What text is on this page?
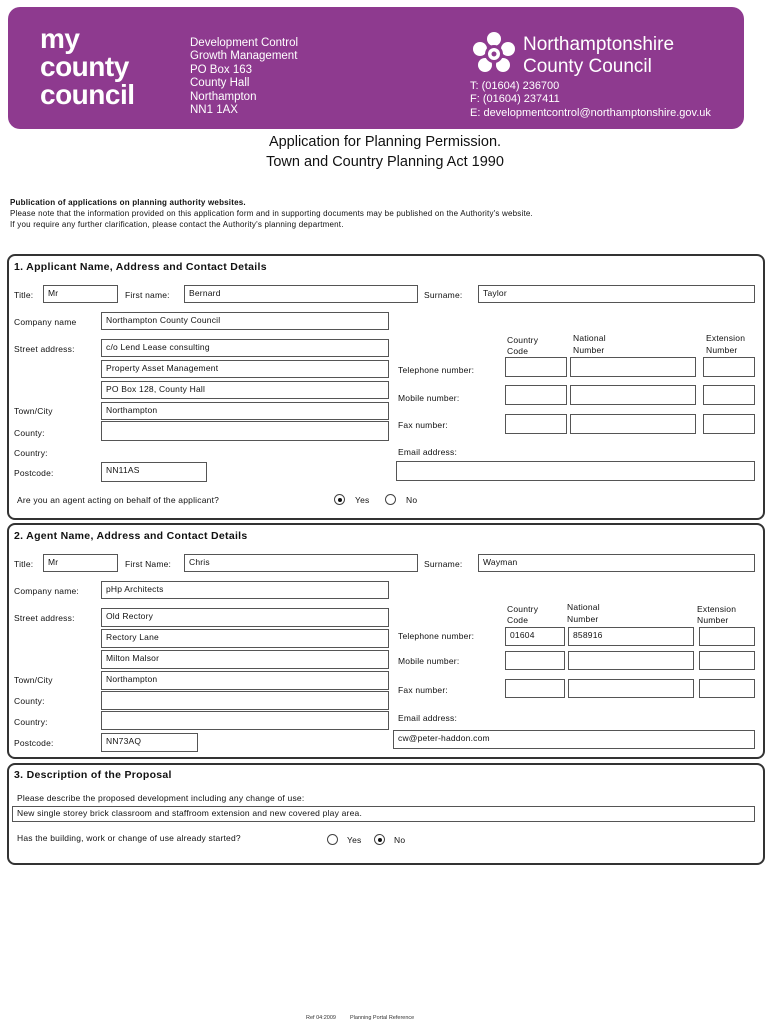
my
county
council
Development Control
Growth Management
PO Box 163
County Hall
Northampton
NN1 1AX
Northamptonshire
County Council
T: (01604) 236700
F: (01604) 237411
E: developmentcontrol@northamptonshire.gov.uk
Application for Planning Permission.
Town and Country Planning Act 1990
Publication of applications on planning authority websites.
Please note that the information provided on this application form and in supporting documents may be published on the Authority's website.
If you require any further clarification, please contact the Authority's planning department.
1. Applicant Name, Address and Contact Details
Title:	Mr	First name:	Bernard	Surname:	Taylor
Company name	Northampton County Council
Street address:	c/o Lend Lease consulting
Property Asset Management
PO Box 128, County Hall
Town/City	Northampton
County:
Country:
Postcode:	NN11AS
Country
Code
National
Number
Extension
Number
Telephone number:
Mobile number:
Fax number:
Email address:
Are you an agent acting on behalf of the applicant?	Yes	No
2. Agent Name, Address and Contact Details
Title:	Mr	First Name:	Chris	Surname:	Wayman
Company name:	pHp Architects
Street address:	Old Rectory
Rectory Lane
Milton Malsor
Town/City	Northampton
County:
Country:
Postcode:	NN73AQ
Country
Code
National
Number
Extension
Number
Telephone number:	01604	858916
Mobile number:
Fax number:
Email address:
cw@peter-haddon.com
3. Description of the Proposal
Please describe the proposed development including any change of use:
New single storey brick classroom and staffroom extension and new covered play area.
Has the building, work or change of use already started?	Yes	No
Ref 04:2009	Planning Portal Reference
